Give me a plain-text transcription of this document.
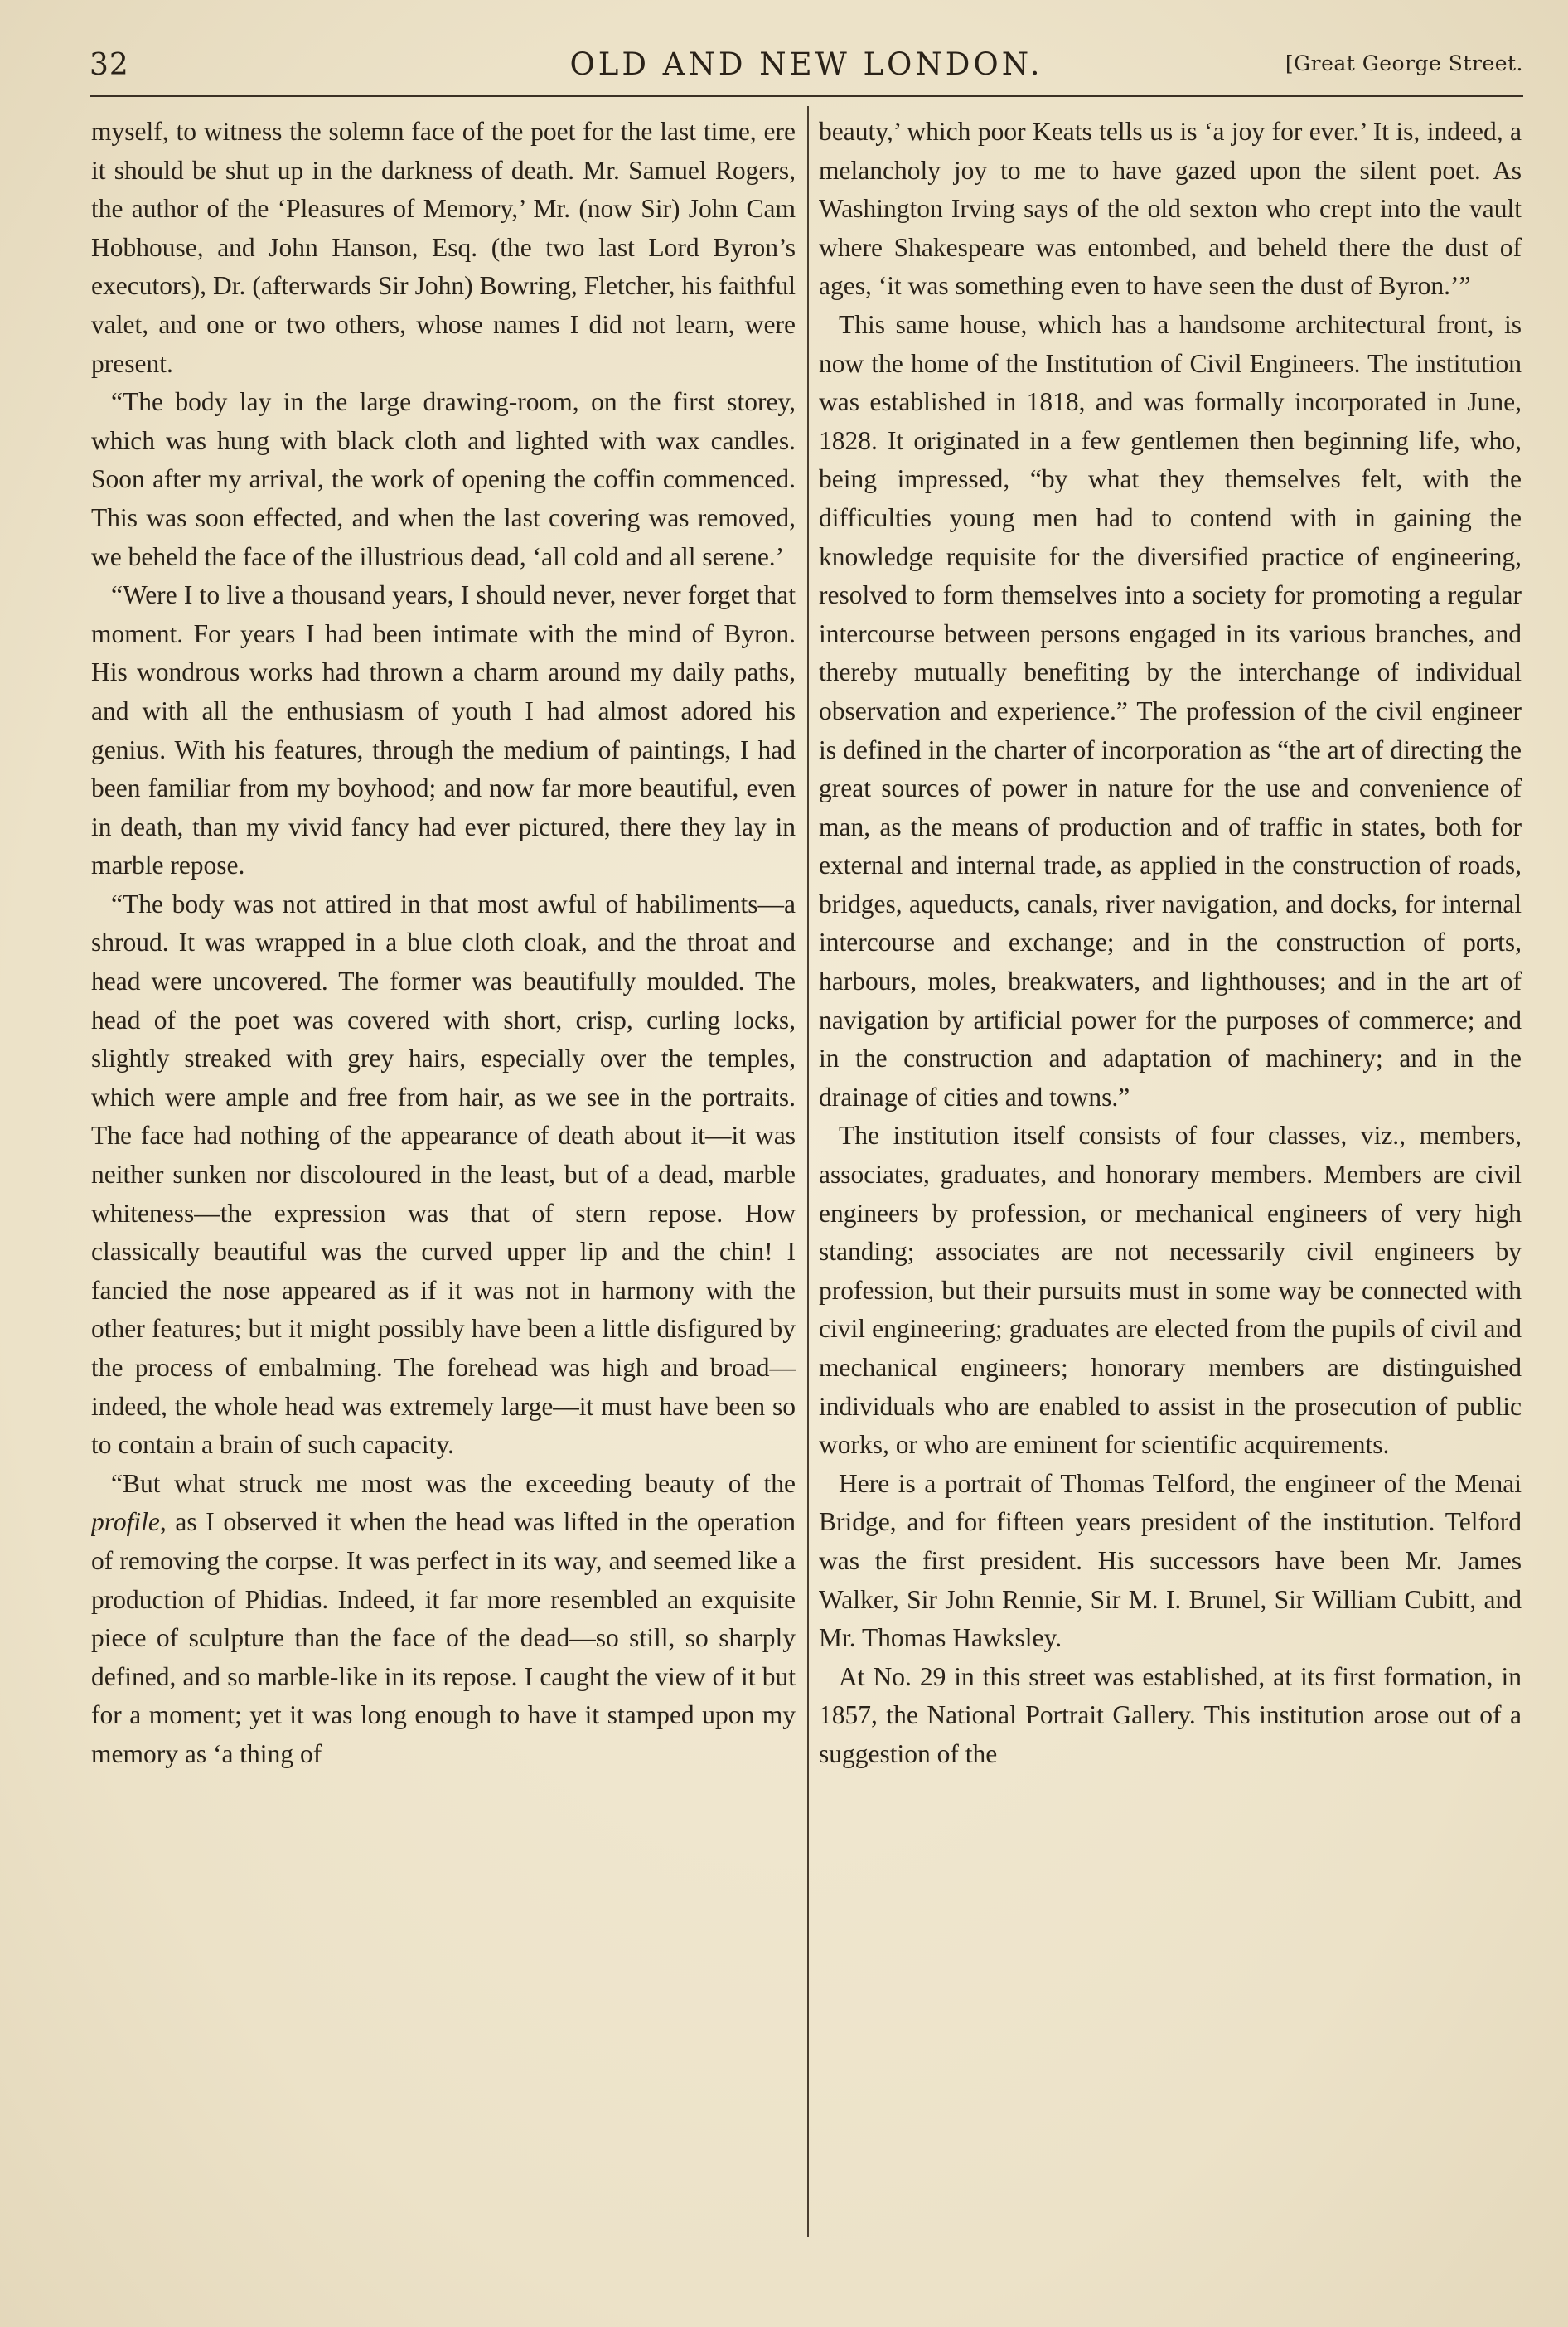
32	OLD AND NEW LONDON.	[Great George Street.

myself, to witness the solemn face of the poet for the last time, ere it should be shut up in the darkness of death. Mr. Samuel Rogers, the author of the ‘Pleasures of Memory,’ Mr. (now Sir) John Cam Hobhouse, and John Hanson, Esq. (the two last Lord Byron’s executors), Dr. (afterwards Sir John) Bowring, Fletcher, his faithful valet, and one or two others, whose names I did not learn, were present.

“The body lay in the large drawing-room, on the first storey, which was hung with black cloth and lighted with wax candles. Soon after my arrival, the work of opening the coffin commenced. This was soon effected, and when the last covering was removed, we beheld the face of the illustrious dead, ‘all cold and all serene.’

“Were I to live a thousand years, I should never, never forget that moment. For years I had been intimate with the mind of Byron. His wondrous works had thrown a charm around my daily paths, and with all the enthusiasm of youth I had almost adored his genius. With his features, through the medium of paintings, I had been familiar from my boyhood; and now far more beautiful, even in death, than my vivid fancy had ever pictured, there they lay in marble repose.

“The body was not attired in that most awful of habiliments—a shroud. It was wrapped in a blue cloth cloak, and the throat and head were uncovered. The former was beautifully moulded. The head of the poet was covered with short, crisp, curling locks, slightly streaked with grey hairs, especially over the temples, which were ample and free from hair, as we see in the portraits. The face had nothing of the appearance of death about it—it was neither sunken nor discoloured in the least, but of a dead, marble whiteness—the expression was that of stern repose. How classically beautiful was the curved upper lip and the chin! I fancied the nose appeared as if it was not in harmony with the other features; but it might possibly have been a little disfigured by the process of embalming. The forehead was high and broad—indeed, the whole head was extremely large—it must have been so to contain a brain of such capacity.

“But what struck me most was the exceeding beauty of the profile, as I observed it when the head was lifted in the operation of removing the corpse. It was perfect in its way, and seemed like a production of Phidias. Indeed, it far more resembled an exquisite piece of sculpture than the face of the dead—so still, so sharply defined, and so marble-like in its repose. I caught the view of it but for a moment; yet it was long enough to have it stamped upon my memory as ‘a thing of

beauty,’ which poor Keats tells us is ‘a joy for ever.’ It is, indeed, a melancholy joy to me to have gazed upon the silent poet. As Washington Irving says of the old sexton who crept into the vault where Shakespeare was entombed, and beheld there the dust of ages, ‘it was something even to have seen the dust of Byron.’”

This same house, which has a handsome architectural front, is now the home of the Institution of Civil Engineers. The institution was established in 1818, and was formally incorporated in June, 1828. It originated in a few gentlemen then beginning life, who, being impressed, “by what they themselves felt, with the difficulties young men had to contend with in gaining the knowledge requisite for the diversified practice of engineering, resolved to form themselves into a society for promoting a regular intercourse between persons engaged in its various branches, and thereby mutually benefiting by the interchange of individual observation and experience.” The profession of the civil engineer is defined in the charter of incorporation as “the art of directing the great sources of power in nature for the use and convenience of man, as the means of production and of traffic in states, both for external and internal trade, as applied in the construction of roads, bridges, aqueducts, canals, river navigation, and docks, for internal intercourse and exchange; and in the construction of ports, harbours, moles, breakwaters, and lighthouses; and in the art of navigation by artificial power for the purposes of commerce; and in the construction and adaptation of machinery; and in the drainage of cities and towns.”

The institution itself consists of four classes, viz., members, associates, graduates, and honorary members. Members are civil engineers by profession, or mechanical engineers of very high standing; associates are not necessarily civil engineers by profession, but their pursuits must in some way be connected with civil engineering; graduates are elected from the pupils of civil and mechanical engineers; honorary members are distinguished individuals who are enabled to assist in the prosecution of public works, or who are eminent for scientific acquirements.

Here is a portrait of Thomas Telford, the engineer of the Menai Bridge, and for fifteen years president of the institution. Telford was the first president. His successors have been Mr. James Walker, Sir John Rennie, Sir M. I. Brunel, Sir William Cubitt, and Mr. Thomas Hawksley.

At No. 29 in this street was established, at its first formation, in 1857, the National Portrait Gallery. This institution arose out of a suggestion of the
